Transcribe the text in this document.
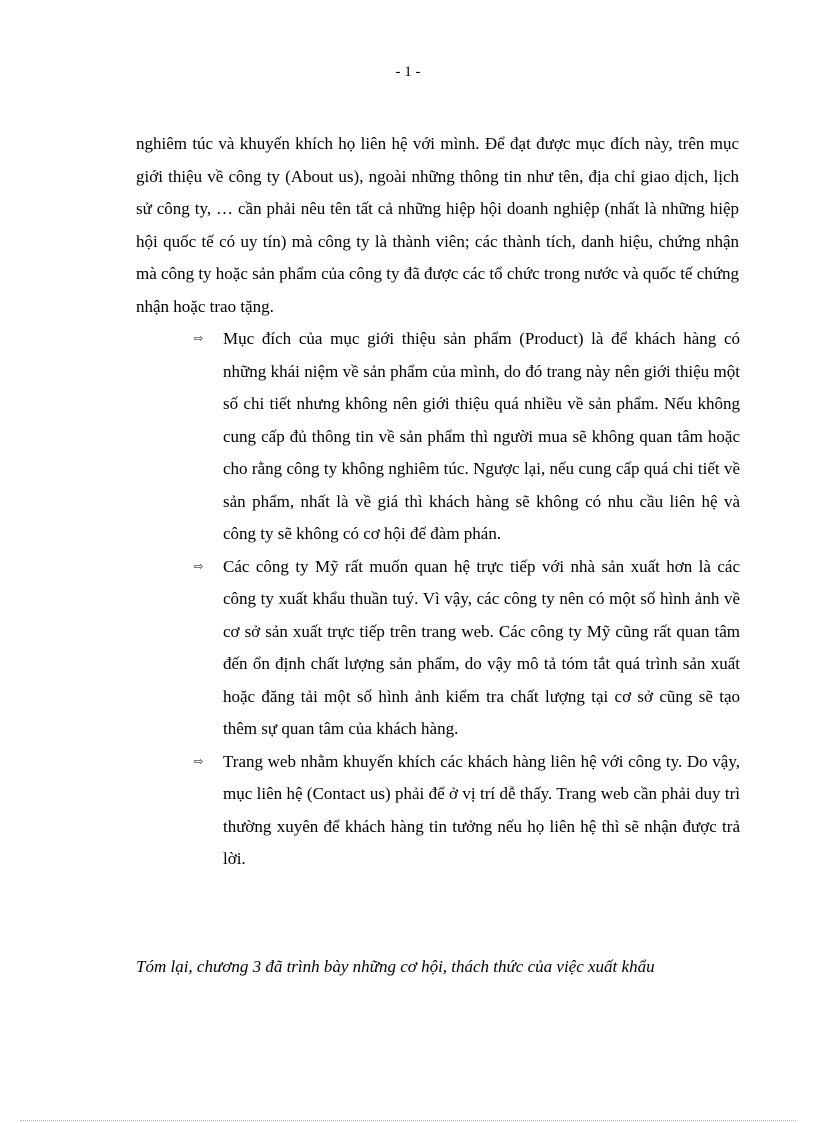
- 1 -

nghiêm túc và khuyến khích họ liên hệ với mình. Để đạt được mục đích này, trên mục giới thiệu về công ty (About us), ngoài những thông tin như tên, địa chỉ giao dịch, lịch sử công ty, … cần phải nêu tên tất cả những hiệp hội doanh nghiệp (nhất là những hiệp hội quốc tế có uy tín) mà công ty là thành viên; các thành tích, danh hiệu, chứng nhận mà công ty hoặc sản phẩm của công ty đã được các tổ chức trong nước và quốc tế chứng nhận hoặc trao tặng.

⇨ Mục đích của mục giới thiệu sản phẩm (Product) là để khách hàng có những khái niệm về sản phẩm của mình, do đó trang này nên giới thiệu một số chi tiết nhưng không nên giới thiệu quá nhiều về sản phẩm. Nếu không cung cấp đủ thông tin về sản phẩm thì người mua sẽ không quan tâm hoặc cho rằng công ty không nghiêm túc. Ngược lại, nếu cung cấp quá chi tiết về sản phẩm, nhất là về giá thì khách hàng sẽ không có nhu cầu liên hệ và công ty sẽ không có cơ hội để đàm phán.
⇨ Các công ty Mỹ rất muốn quan hệ trực tiếp với nhà sản xuất hơn là các công ty xuất khẩu thuần tuý. Vì vậy, các công ty nên có một số hình ảnh về cơ sở sản xuất trực tiếp trên trang web. Các công ty Mỹ cũng rất quan tâm đến ổn định chất lượng sản phẩm, do vậy mô tả tóm tắt quá trình sản xuất hoặc đăng tải một số hình ảnh kiểm tra chất lượng tại cơ sở cũng sẽ tạo thêm sự quan tâm của khách hàng.
⇨ Trang web nhằm khuyến khích các khách hàng liên hệ với công ty. Do vậy, mục liên hệ (Contact us) phải để ở vị trí dễ thấy. Trang web cần phải duy trì thường xuyên để khách hàng tin tưởng nếu họ liên hệ thì sẽ nhận được trả lời.

Tóm lại, chương 3 đã trình bày những cơ hội, thách thức của việc xuất khẩu
